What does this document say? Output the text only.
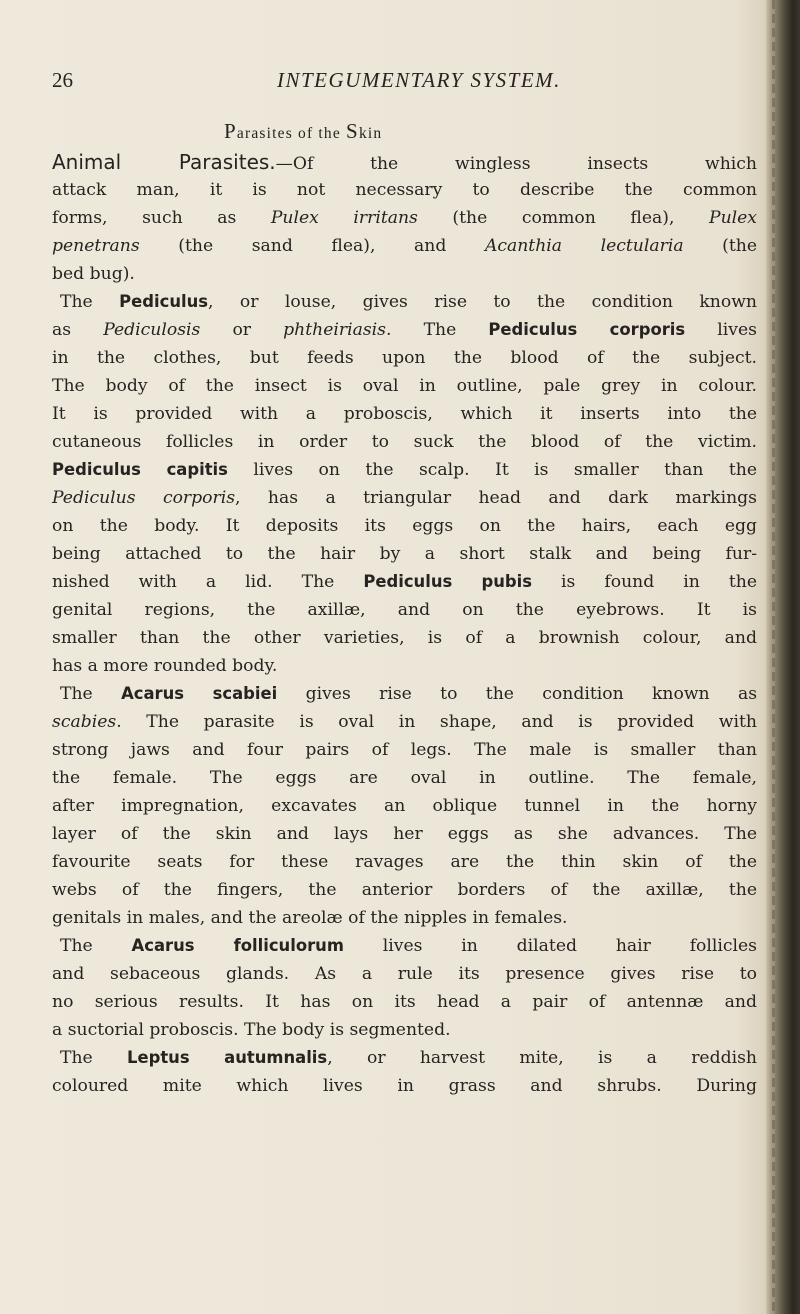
26	INTEGUMENTARY SYSTEM.
Parasites of the Skin
Animal Parasites.—Of the wingless insects which
attack man, it is not necessary to describe the common
forms, such as Pulex irritans (the common flea), Pulex
penetrans (the sand flea), and Acanthia lectularia (the
bed bug).
The Pediculus, or louse, gives rise to the condition known
as Pediculosis or phtheiriasis. The Pediculus corporis lives
in the clothes, but feeds upon the blood of the subject.
The body of the insect is oval in outline, pale grey in colour.
It is provided with a proboscis, which it inserts into the
cutaneous follicles in order to suck the blood of the victim.
Pediculus capitis lives on the scalp. It is smaller than the
Pediculus corporis, has a triangular head and dark markings
on the body. It deposits its eggs on the hairs, each egg
being attached to the hair by a short stalk and being fur-
nished with a lid. The Pediculus pubis is found in the
genital regions, the axillæ, and on the eyebrows. It is
smaller than the other varieties, is of a brownish colour, and
has a more rounded body.
The Acarus scabiei gives rise to the condition known as
scabies. The parasite is oval in shape, and is provided with
strong jaws and four pairs of legs. The male is smaller than
the female. The eggs are oval in outline. The female,
after impregnation, excavates an oblique tunnel in the horny
layer of the skin and lays her eggs as she advances. The
favourite seats for these ravages are the thin skin of the
webs of the fingers, the anterior borders of the axillæ, the
genitals in males, and the areolæ of the nipples in females.
The Acarus folliculorum lives in dilated hair follicles
and sebaceous glands. As a rule its presence gives rise to
no serious results. It has on its head a pair of antennæ and
a suctorial proboscis. The body is segmented.
The Leptus autumnalis, or harvest mite, is a reddish
coloured mite which lives in grass and shrubs. During
